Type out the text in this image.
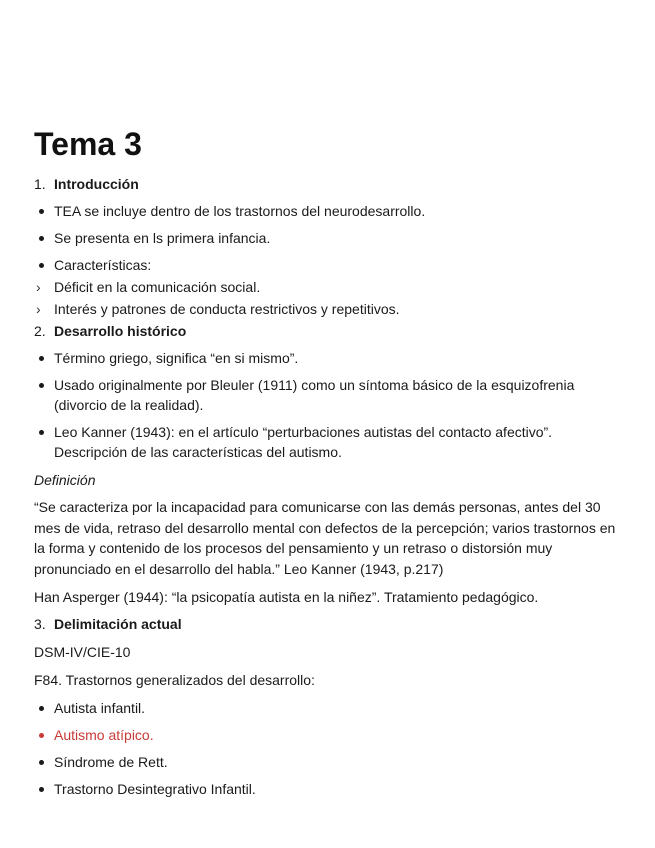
Tema 3
1. Introducción
TEA se incluye dentro de los trastornos del neurodesarrollo.
Se presenta en ls primera infancia.
Características:
› Déficit en la comunicación social.
› Interés y patrones de conducta restrictivos y repetitivos.
2. Desarrollo histórico
Término griego, significa “en si mismo”.
Usado originalmente por Bleuler (1911) como un síntoma básico de la esquizofrenia (divorcio de la realidad).
Leo Kanner (1943): en el artículo “perturbaciones autistas del contacto afectivo”. Descripción de las características del autismo.
Definición
“Se caracteriza por la incapacidad para comunicarse con las demás personas, antes del 30 mes de vida, retraso del desarrollo mental con defectos de la percepción; varios trastornos en la forma y contenido de los procesos del pensamiento y un retraso o distorsión muy pronunciado en el desarrollo del habla.” Leo Kanner (1943, p.217)
Han Asperger (1944): “la psicopatía autista en la niñez”. Tratamiento pedagógico.
3. Delimitación actual
DSM-IV/CIE-10
F84. Trastornos generalizados del desarrollo:
Autista infantil.
Autismo atípico.
Síndrome de Rett.
Trastorno Desintegrativo Infantil.
